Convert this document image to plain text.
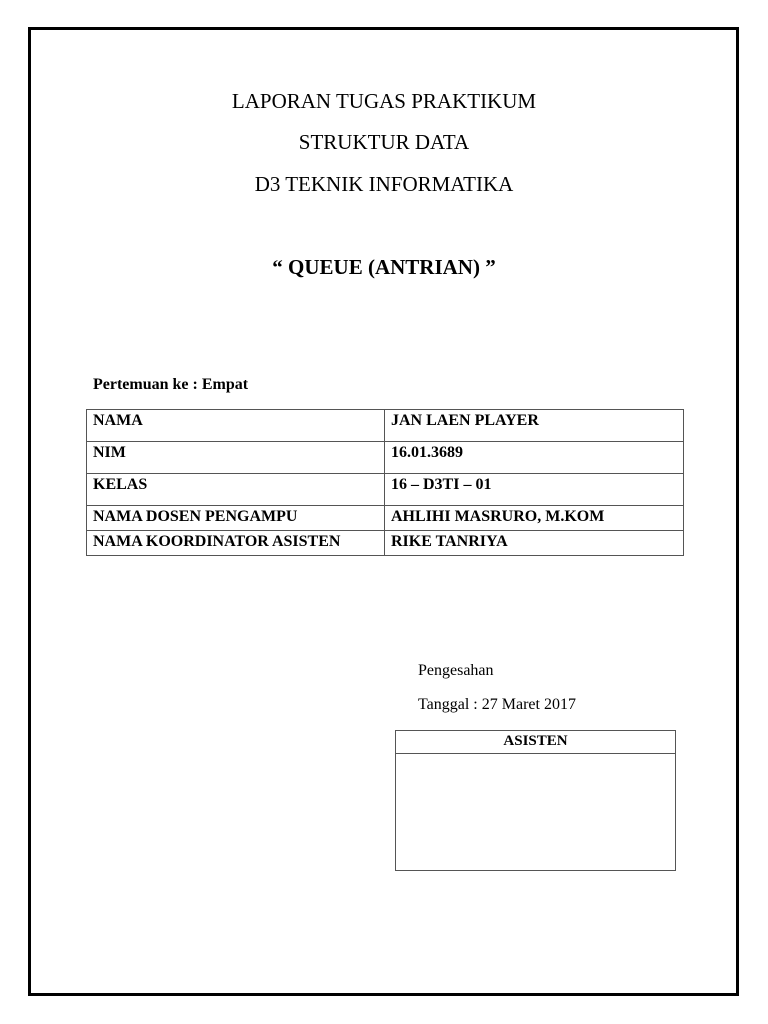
LAPORAN TUGAS PRAKTIKUM
STRUKTUR DATA
D3 TEKNIK INFORMATIKA
“ QUEUE (ANTRIAN) ”
Pertemuan ke : Empat
NAMA	JAN LAEN PLAYER
NIM	16.01.3689
KELAS	16 – D3TI – 01
NAMA DOSEN PENGAMPU	AHLIHI MASRURO, M.KOM
NAMA KOORDINATOR ASISTEN	RIKE TANRIYA
Pengesahan
Tanggal : 27 Maret 2017
ASISTEN
